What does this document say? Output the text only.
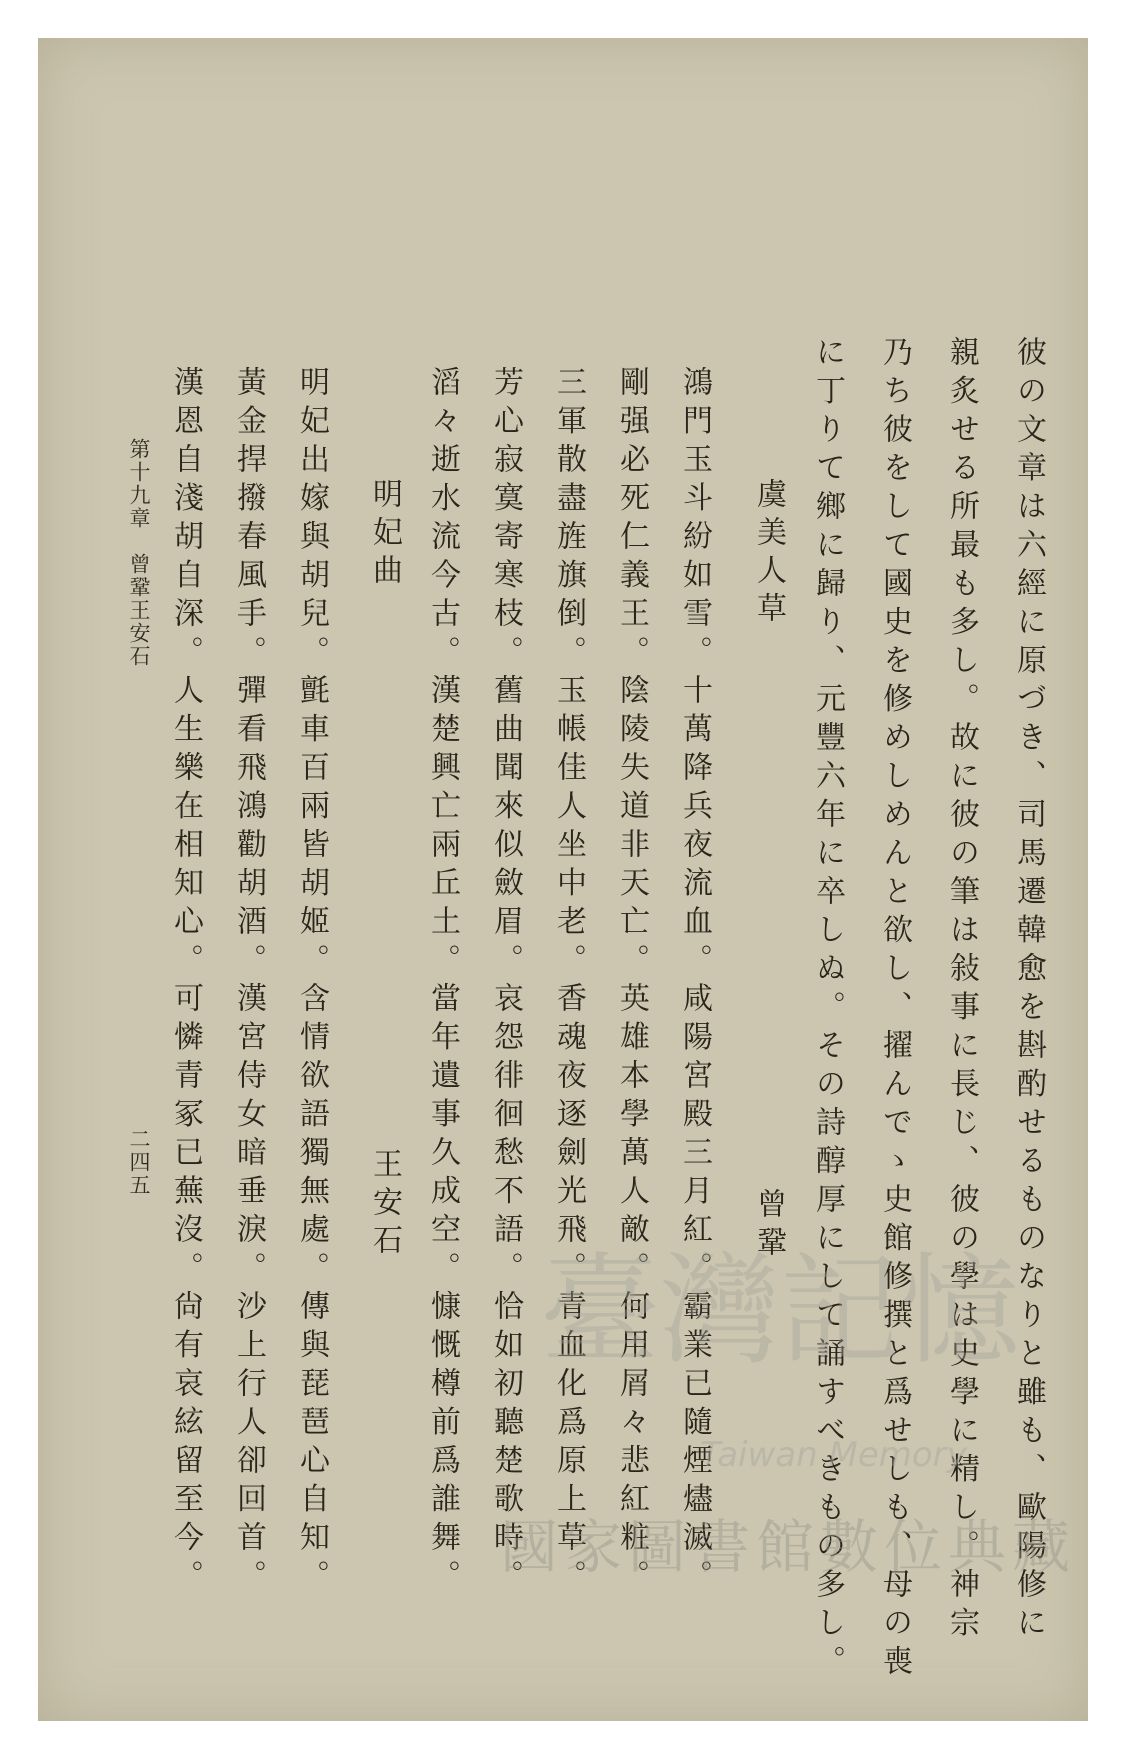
彼の文章は六經に原づき、司馬遷韓愈を斟酌せるものなりと雖も、歐陽修に
親炙せる所最も多し。故に彼の筆は敍事に長じ、彼の學は史學に精し。神宗
乃ち彼をして國史を修めしめんと欲し、擢んでゝ史館修撰と爲せしも、母の喪
に丁りて鄉に歸り、元豐六年に卒しぬ。その詩醇厚にして誦すべきもの多し。
虞美人草
曾鞏
鴻門玉斗紛如雪。十萬降兵夜流血。咸陽宮殿三月紅。霸業已隨煙燼滅。
剛强必死仁義王。陰陵失道非天亡。英雄本學萬人敵。何用屑々悲紅粧。
三軍散盡旌旗倒。玉帳佳人坐中老。香魂夜逐劍光飛。青血化爲原上草。
芳心寂寞寄寒枝。舊曲聞來似斂眉。哀怨徘徊愁不語。恰如初聽楚歌時。
滔々逝水流今古。漢楚興亡兩丘土。當年遺事久成空。慷慨樽前爲誰舞。
明妃曲
王安石
明妃出嫁與胡兒。氈車百兩皆胡姬。含情欲語獨無處。傳與琵琶心自知。
黃金捍撥春風手。彈看飛鴻勸胡酒。漢宮侍女暗垂淚。沙上行人卻回首。
漢恩自淺胡自深。人生樂在相知心。可憐青冢已蕪沒。尙有哀絃留至今。
第十九章　曾鞏王安石
二四五
臺灣記憶
Taiwan Memory
國家圖書館數位典藏
